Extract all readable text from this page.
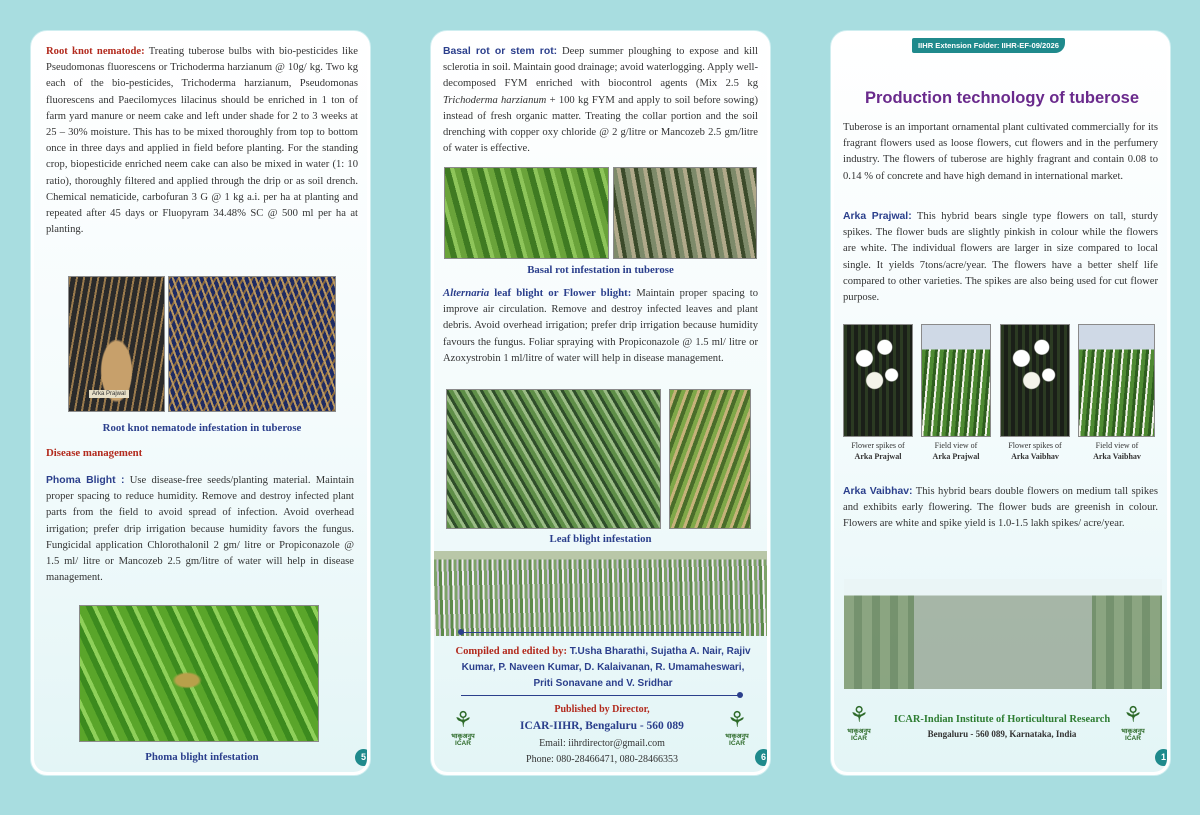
Root knot nematode: Treating tuberose bulbs with bio-pesticides like Pseudomonas fluorescens or Trichoderma harzianum @ 10g/ kg. Two kg each of the bio-pesticides, Trichoderma harzianum, Pseudomonas fluorescens and Paecilomyces lilacinus should be enriched in 1 ton of farm yard manure or neem cake and left under shade for 2 to 3 weeks at 25 – 30% moisture. This has to be mixed thoroughly from top to bottom once in three days and applied in field before planting. For the standing crop, biopesticide enriched neem cake can also be mixed in water (1: 10 ratio), thoroughly filtered and applied through the drip or as soil drench. Chemical nematicide, carbofuran 3 G @ 1 kg a.i. per ha at planting and repeated after 45 days or Fluopyram 34.48% SC @ 500 ml per ha at planting.

Arka Prajwal
Root knot nematode infestation in tuberose
Disease management

Phoma Blight : Use disease-free seeds/planting material. Maintain proper spacing to reduce humidity. Remove and destroy infected plant parts from the field to avoid spread of infection. Avoid overhead irrigation; prefer drip irrigation because humidity favors the fungus. Fungicidal application Chlorothalonil 2 gm/ litre or Propiconazole @ 1.5 ml/ litre or Mancozeb 2.5 gm/litre of water will help in disease management.

Phoma blight infestation	5

Basal rot or stem rot: Deep summer ploughing to expose and kill sclerotia in soil. Maintain good drainage; avoid waterlogging. Apply well-decomposed FYM enriched with biocontrol agents (Mix 2.5 kg Trichoderma harzianum + 100 kg FYM and apply to soil before sowing) instead of fresh organic matter. Treating the collar portion and the soil drenching with copper oxy chloride @ 2 g/litre or Mancozeb 2.5 gm/litre of water is effective.

Basal rot infestation in tuberose

Alternaria leaf blight or Flower blight: Maintain proper spacing to improve air circulation. Remove and destroy infected leaves and plant debris. Avoid overhead irrigation; prefer drip irrigation because humidity favours the fungus. Foliar spraying with Propiconazole @ 1.5 ml/ litre or Azoxystrobin 1 ml/litre of water will help in disease management.

Leaf blight infestation

Compiled and edited by: T.Usha Bharathi, Sujatha A. Nair, Rajiv Kumar, P. Naveen Kumar, D. Kalaivanan, R. Umamaheswari, Priti Sonavane and V. Sridhar

⚘
भाकृअनुप
ICAR
⚘
भाकृअनुप
ICAR
Published by Director,
ICAR-IIHR, Bengaluru - 560 089
Email: iihrdirector@gmail.com
Phone: 080-28466471, 080-28466353	6
IIHR Extension Folder: IIHR-EF-09/2026
Production technology of tuberose

Tuberose is an important ornamental plant cultivated commercially for its fragrant flowers used as loose flowers, cut flowers and in the perfumery industry. The flowers of tuberose are highly fragrant and contain 0.08 to 0.14 % of concrete and have high demand in international market.

Arka Prajwal: This hybrid bears single type flowers on tall, sturdy spikes. The flower buds are slightly pinkish in colour while the flowers are white. The individual flowers are larger in size compared to local single. It yields 7tons/acre/year. The flowers have a better shelf life compared to other varieties. The spikes are also being used for cut flower purpose.

Flower spikes of
Arka Prajwal
Field view of
Arka Prajwal
Flower spikes of
Arka Vaibhav
Field view of
Arka Vaibhav

Arka Vaibhav: This hybrid bears double flowers on medium tall spikes and exhibits early flowering. The flower buds are greenish in colour. Flowers are white and spike yield is 1.0-1.5 lakh spikes/ acre/year.

⚘
भाकृअनुप
ICAR
⚘
भाकृअनुप
ICAR
ICAR-Indian Institute of Horticultural Research
Bengaluru - 560 089, Karnataka, India
1
